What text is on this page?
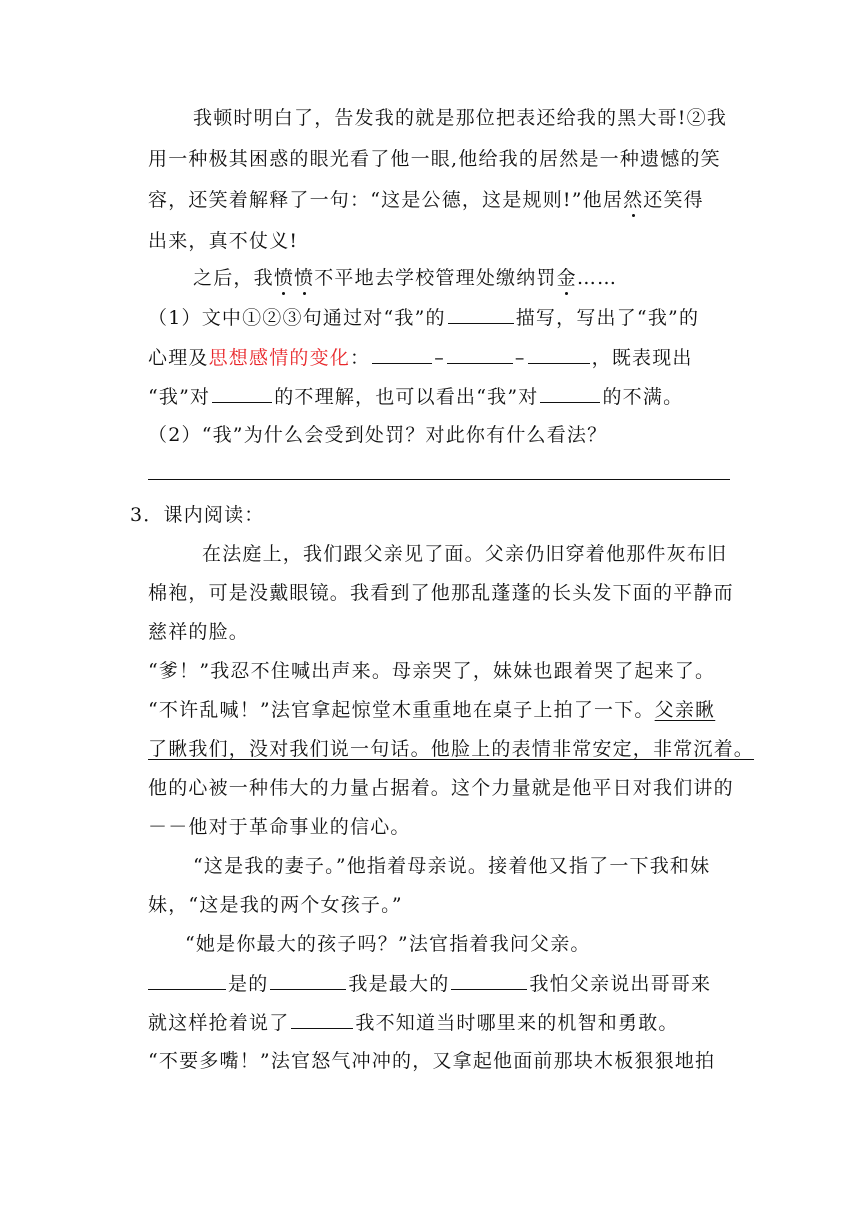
我顿时明白了，告发我的就是那位把表还给我的黑大哥!②我
用一种极其困惑的眼光看了他一眼,他给我的居然是一种遗憾的笑
容，还笑着解释了一句：“这是公德，这是规则!”他居然还笑得
出来，真不仗义!
之后，我愤愤不平地去学校管理处缴纳罚金……
（1）文中①②③句通过对“我”的	描写，写出了“我”的
心理及思想感情的变化：	–	–	，既表现出
“我”对	的不理解，也可以看出“我”对	的不满。
（2）“我”为什么会受到处罚？对此你有什么看法？
3．课内阅读：
在法庭上，我们跟父亲见了面。父亲仍旧穿着他那件灰布旧
棉袍，可是没戴眼镜。我看到了他那乱蓬蓬的长头发下面的平静而
慈祥的脸。
“爹！”我忍不住喊出声来。母亲哭了，妹妹也跟着哭了起来了。
“不许乱喊！”法官拿起惊堂木重重地在桌子上拍了一下。父亲瞅
了瞅我们，没对我们说一句话。他脸上的表情非常安定，非常沉着。
他的心被一种伟大的力量占据着。这个力量就是他平日对我们讲的
－－他对于革命事业的信心。
“这是我的妻子。”他指着母亲说。接着他又指了一下我和妹
妹，“这是我的两个女孩子。”
“她是你最大的孩子吗？”法官指着我问父亲。
是的	我是最大的	我怕父亲说出哥哥来
就这样抢着说了	我不知道当时哪里来的机智和勇敢。
“不要多嘴！”法官怒气冲冲的，又拿起他面前那块木板狠狠地拍
